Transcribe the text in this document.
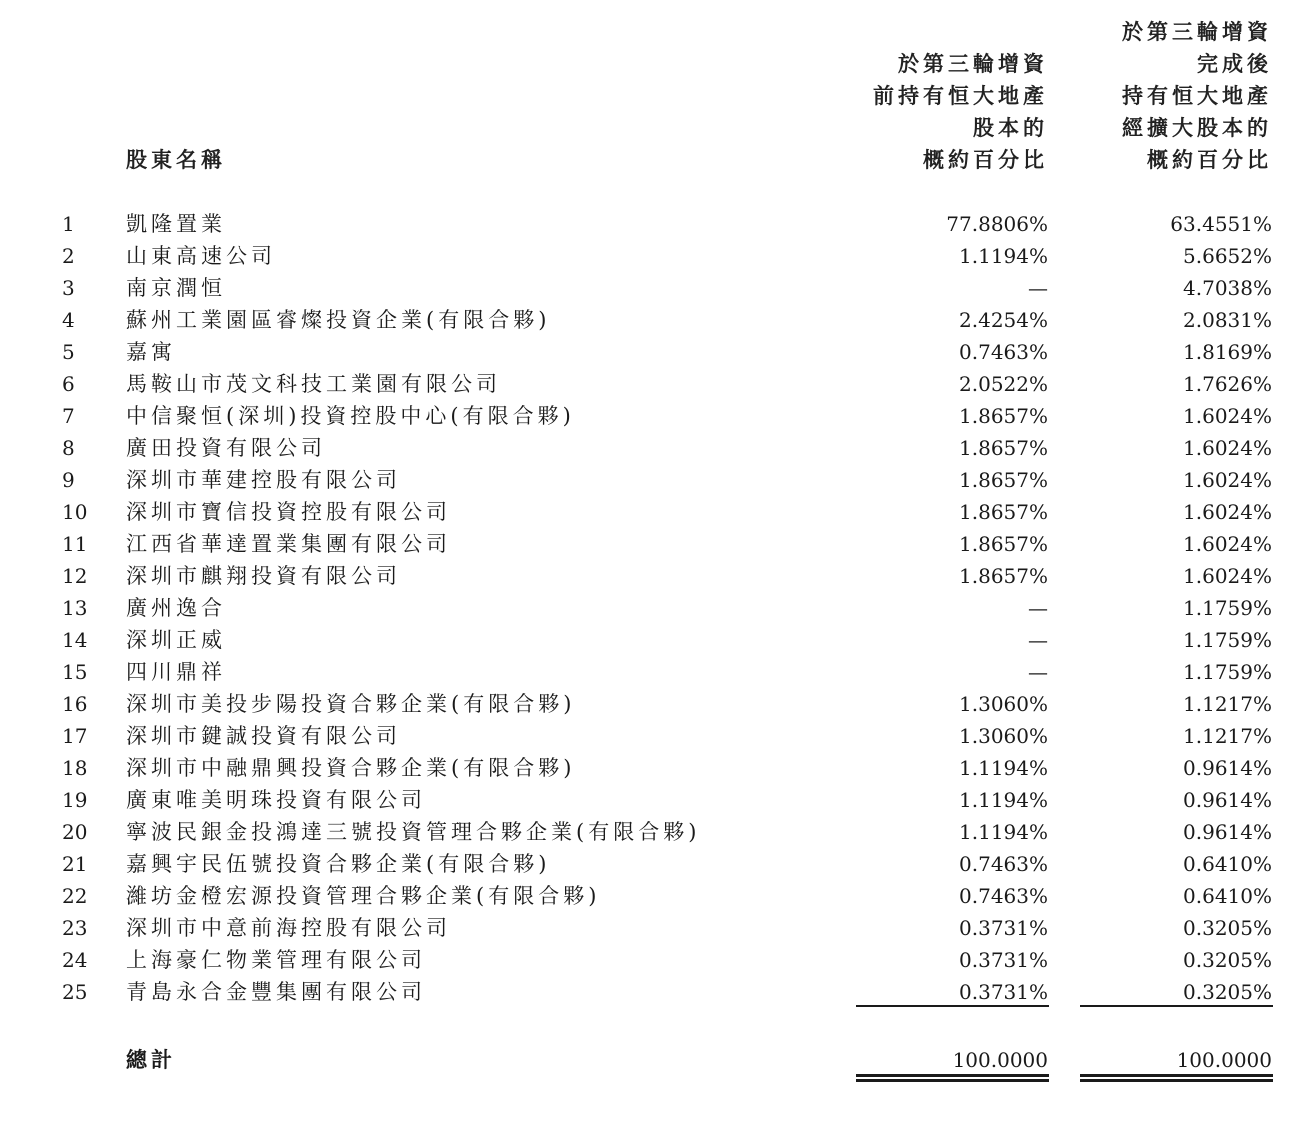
股東名稱
於第三輪增資
前持有恒大地產
股本的
概約百分比
於第三輪增資
完成後
持有恒大地產
經擴大股本的
概約百分比
1 凱隆置業	77.8806%	63.4551%
2 山東高速公司	1.1194%	5.6652%
3 南京潤恒	—	4.7038%
4 蘇州工業園區睿燦投資企業(有限合夥)	2.4254%	2.0831%
5 嘉寓	0.7463%	1.8169%
6 馬鞍山市茂文科技工業園有限公司	2.0522%	1.7626%
7 中信聚恒(深圳)投資控股中心(有限合夥)	1.8657%	1.6024%
8 廣田投資有限公司	1.8657%	1.6024%
9 深圳市華建控股有限公司	1.8657%	1.6024%
10 深圳市寶信投資控股有限公司	1.8657%	1.6024%
11 江西省華達置業集團有限公司	1.8657%	1.6024%
12 深圳市麒翔投資有限公司	1.8657%	1.6024%
13 廣州逸合	—	1.1759%
14 深圳正威	—	1.1759%
15 四川鼎祥	—	1.1759%
16 深圳市美投步陽投資合夥企業(有限合夥)	1.3060%	1.1217%
17 深圳市鍵誠投資有限公司	1.3060%	1.1217%
18 深圳市中融鼎興投資合夥企業(有限合夥)	1.1194%	0.9614%
19 廣東唯美明珠投資有限公司	1.1194%	0.9614%
20 寧波民銀金投鴻達三號投資管理合夥企業(有限合夥)	1.1194%	0.9614%
21 嘉興宇民伍號投資合夥企業(有限合夥)	0.7463%	0.6410%
22 濰坊金橙宏源投資管理合夥企業(有限合夥)	0.7463%	0.6410%
23 深圳市中意前海控股有限公司	0.3731%	0.3205%
24 上海豪仁物業管理有限公司	0.3731%	0.3205%
25 青島永合金豐集團有限公司	0.3731%	0.3205%
總計	100.0000	100.0000
